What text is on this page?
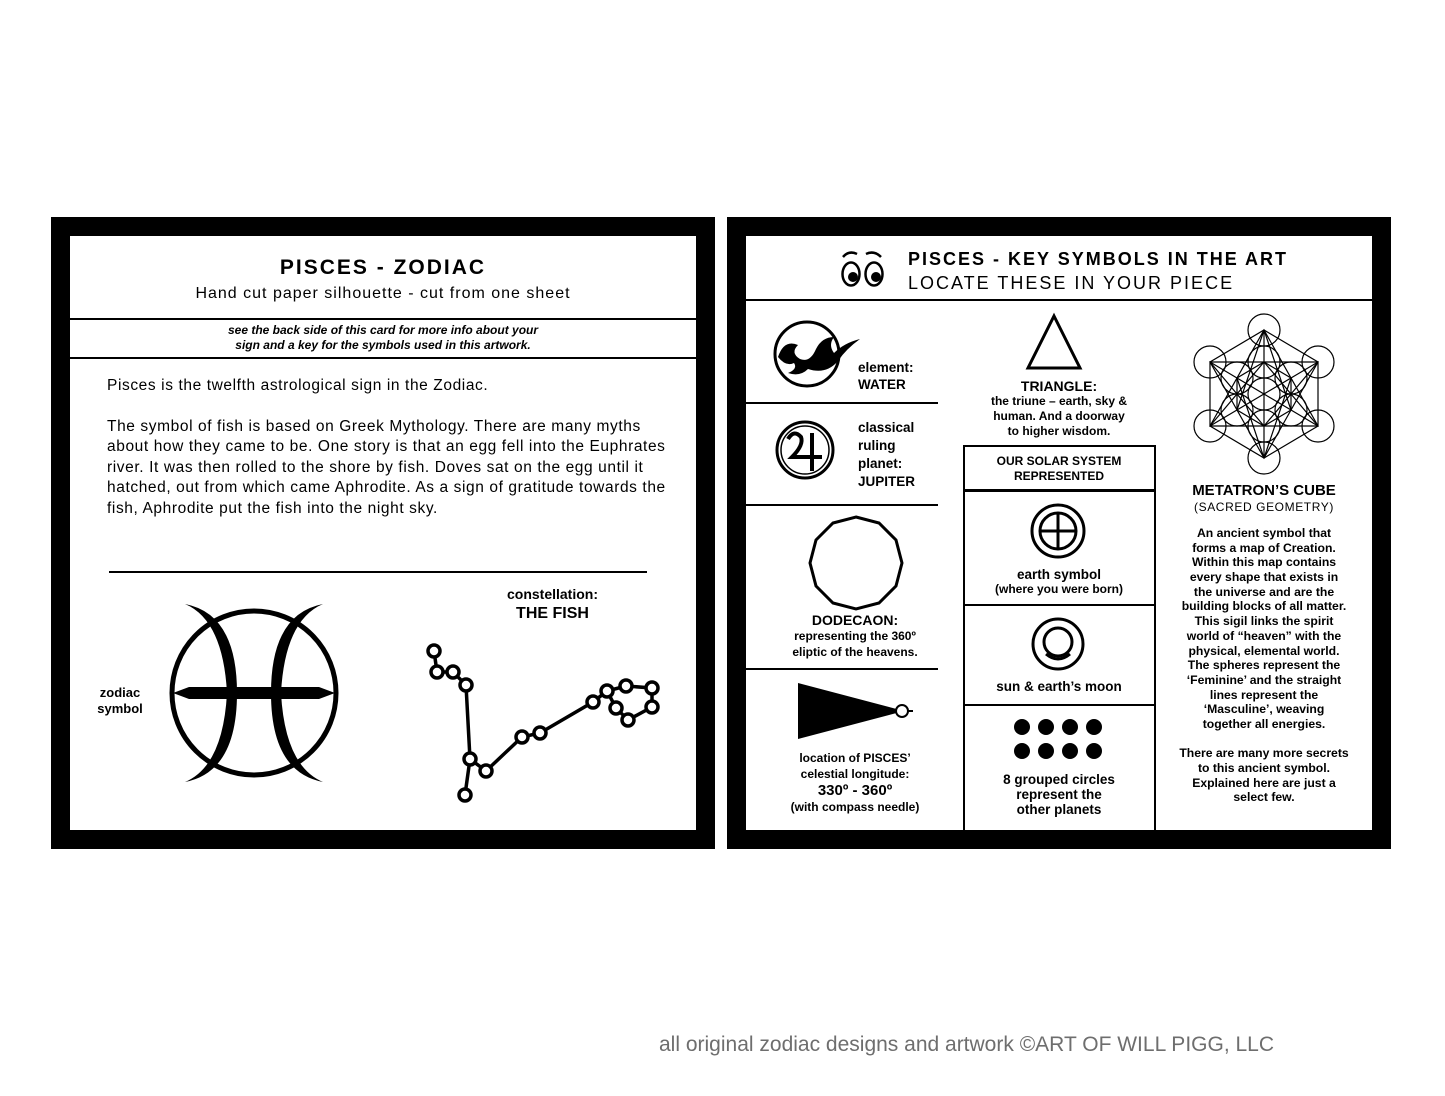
PISCES - ZODIAC
Hand cut paper silhouette - cut from one sheet
see the back side of this card for more info about your
sign and a key for the symbols used in this artwork.

Pisces is the twelfth astrological sign in the Zodiac.

The symbol of fish is based on Greek Mythology. There are many myths about how they came to be. One story is that an egg fell into the Euphrates river. It was then rolled to the shore by fish. Doves sat on the egg until it hatched, out from which came Aphrodite. As a sign of gratitude towards the fish, Aphrodite put the fish into the night sky.

zodiac
symbol
constellation:
THE FISH
PISCES - KEY SYMBOLS IN THE ART
LOCATE THESE IN YOUR PIECE
element:
WATER
classical
ruling
planet:
JUPITER
DODECAON:
representing the 360º
eliptic of the heavens.
location of PISCES’
celestial longitude:
330º - 360º
(with compass needle)
TRIANGLE:
the triune – earth, sky &
human. And a doorway
to higher wisdom.
OUR SOLAR SYSTEM
REPRESENTED
earth symbol
(where you were born)
sun & earth’s moon
8 grouped circles
represent the
other planets
METATRON’S CUBE
(SACRED GEOMETRY)
An ancient symbol that
forms a map of Creation.
Within this map contains
every shape that exists in
the universe and are the
building blocks of all matter.
This sigil links the spirit
world of “heaven” with the
physical, elemental world.
The spheres represent the
‘Feminine’ and the straight
lines represent the
‘Masculine’, weaving
together all energies.
There are many more secrets
to this ancient symbol.
Explained here are just a
select few.
all original zodiac designs and artwork ©ART OF WILL PIGG, LLC
